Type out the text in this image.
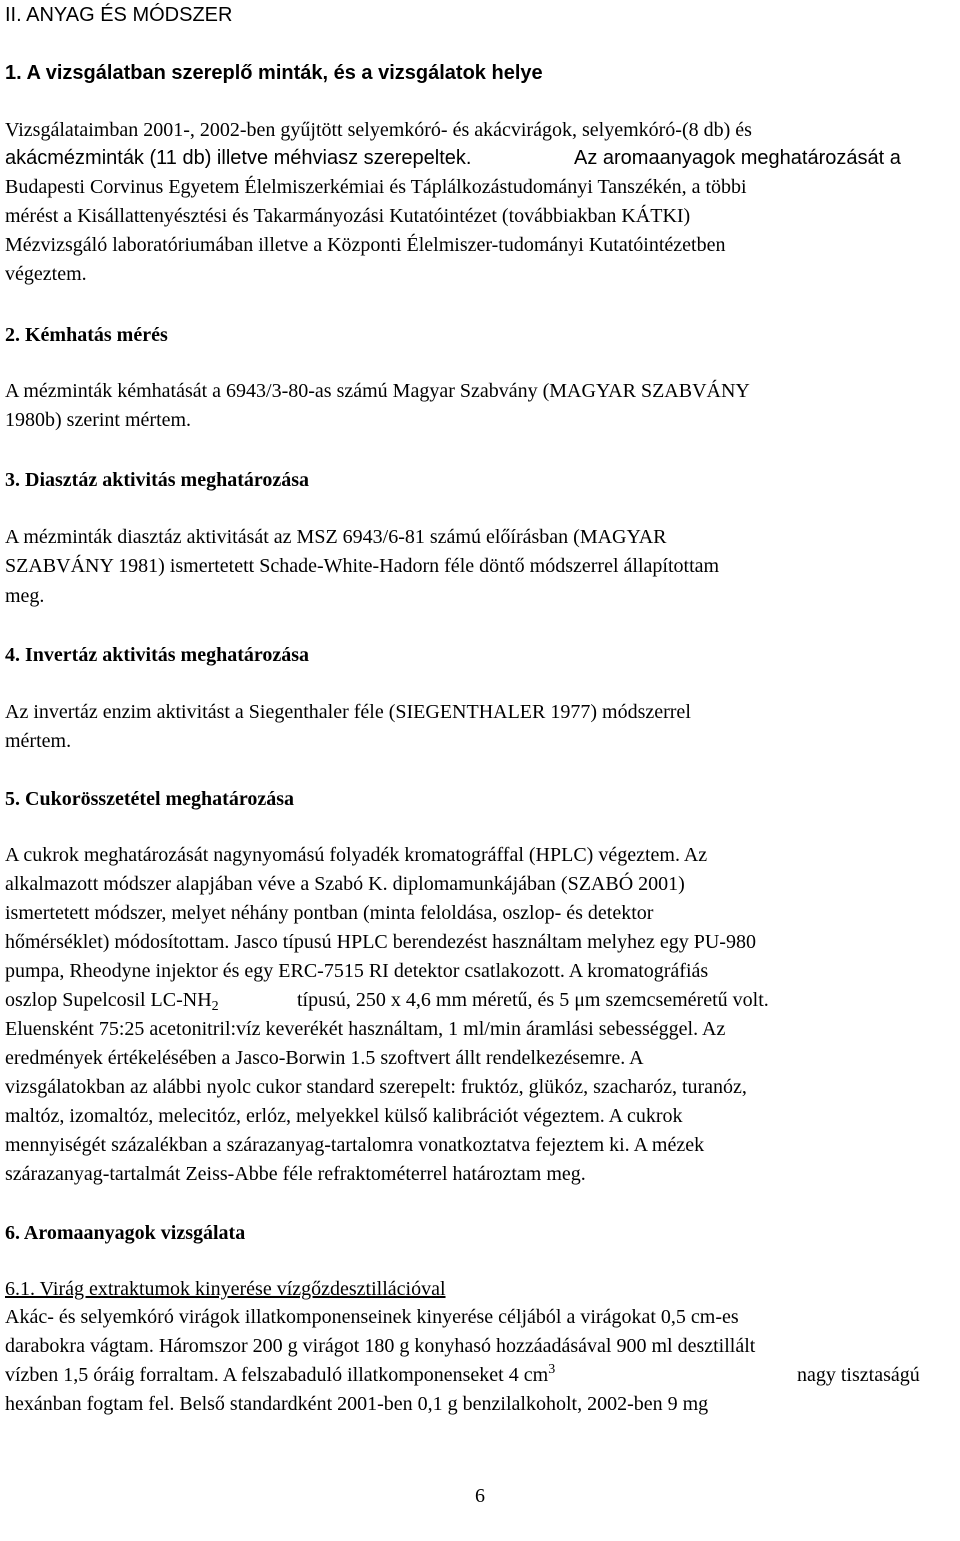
II. ANYAG ÉS MÓDSZER
1. A vizsgálatban szereplő minták, és a vizsgálatok helye
Vizsgálataimban 2001-, 2002-ben gyűjtött selyemkóró- és akácvirágok, selyemkóró-(8 db) és
akácmézminták (11 db) illetve méhviasz szerepeltek.	Az aromaanyagok meghatározását a
Budapesti Corvinus Egyetem Élelmiszerkémiai és Táplálkozástudományi Tanszékén, a többi
mérést a Kisállattenyésztési és Takarmányozási Kutatóintézet (továbbiakban KÁTKI)
Mézvizsgáló laboratóriumában illetve a Központi Élelmiszer-tudományi Kutatóintézetben
végeztem.
2. Kémhatás mérés
A mézminták kémhatását a 6943/3-80-as számú Magyar Szabvány (MAGYAR SZABVÁNY
1980b) szerint mértem.
3. Diasztáz aktivitás meghatározása
A mézminták diasztáz aktivitását az MSZ 6943/6-81 számú előírásban (MAGYAR
SZABVÁNY 1981) ismertetett Schade-White-Hadorn féle döntő módszerrel állapítottam
meg.
4. Invertáz aktivitás meghatározása
Az invertáz enzim aktivitást a Siegenthaler féle (SIEGENTHALER 1977) módszerrel
mértem.
5. Cukorösszetétel meghatározása
A cukrok meghatározását nagynyomású folyadék kromatográffal (HPLC) végeztem. Az
alkalmazott módszer alapjában véve a Szabó K. diplomamunkájában (SZABÓ 2001)
ismertetett módszer, melyet néhány pontban (minta feloldása, oszlop- és detektor
hőmérséklet) módosítottam. Jasco típusú HPLC berendezést használtam melyhez egy PU-980
pumpa, Rheodyne injektor és egy ERC-7515 RI detektor csatlakozott. A kromatográfiás
oszlop Supelcosil $LC-NH_2$	típusú, 250 x 4,6 mm méretű, és 5 μm szemcseméretű volt.
Eluensként 75:25 acetonitril:víz keverékét használtam, 1 ml/min áramlási sebességgel. Az
eredmények értékelésében a Jasco-Borwin 1.5 szoftvert állt rendelkezésemre. A
vizsgálatokban az alábbi nyolc cukor standard szerepelt: fruktóz, glükóz, szacharóz, turanóz,
maltóz, izomaltóz, melecitóz, erlóz, melyekkel külső kalibrációt végeztem. A cukrok
mennyiségét százalékban a szárazanyag-tartalomra vonatkoztatva fejeztem ki. A mézek
szárazanyag-tartalmát Zeiss-Abbe féle refraktométerrel határoztam meg.
6. Aromaanyagok vizsgálata
6.1. Virág extraktumok kinyerése vízgőzdesztillációval
Akác- és selyemkóró virágok illatkomponenseinek kinyerése céljából a virágokat 0,5 cm-es
darabokra vágtam. Háromszor 200 g virágot 180 g konyhasó hozzáadásával 900 ml desztillált
vízben 1,5 óráig forraltam. A felszabaduló illatkomponenseket 4 $cm^3$	nagy tisztaságú
hexánban fogtam fel. Belső standardként 2001-ben 0,1 g benzilalkoholt, 2002-ben 9 mg
6
